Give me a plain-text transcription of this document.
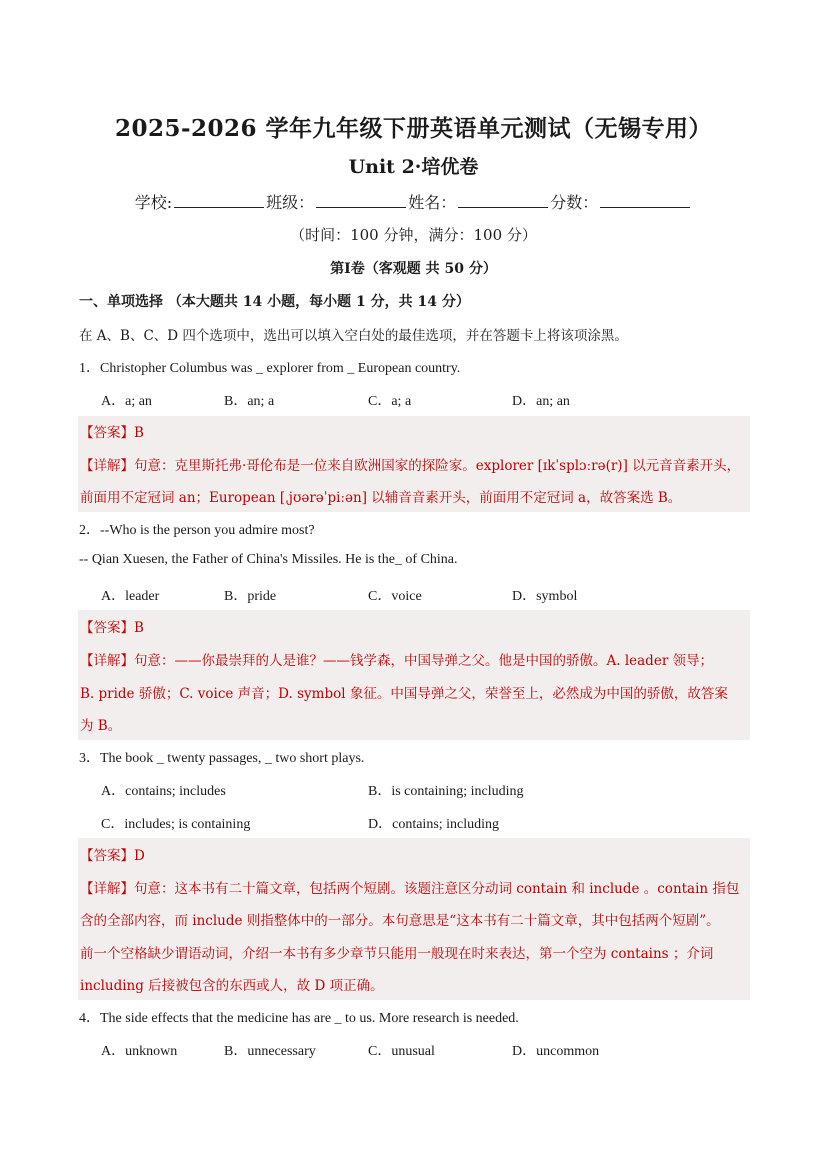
2025-2026 学年九年级下册英语单元测试（无锡专用）
Unit 2·培优卷
学校:	班级：	姓名：	分数：
（时间：100 分钟，满分：100 分）
第I卷（客观题 共 50 分）
一、单项选择 （本大题共 14 小题，每小题 1 分，共 14 分）
在 A、B、C、D 四个选项中，选出可以填入空白处的最佳选项，并在答题卡上将该项涂黑。
1．Christopher Columbus was _ explorer from _ European country.
A．a; an	B．an; a	C．a; a	D．an; an
【答案】B
【详解】句意：克里斯托弗·哥伦布是一位来自欧洲国家的探险家。explorer [ɪkˈsplɔːrə(r)] 以元音音素开头，
前面用不定冠词 an；European [ˌjʊərəˈpiːən] 以辅音音素开头，前面用不定冠词 a，故答案选 B。
2．--Who is the person you admire most?
-- Qian Xuesen, the Father of China's Missiles. He is the_ of China.
A．leader	B．pride	C．voice	D．symbol
【答案】B
【详解】句意：——你最崇拜的人是谁？——钱学森，中国导弹之父。他是中国的骄傲。A. leader 领导；
B. pride 骄傲；C. voice 声音；D. symbol 象征。中国导弹之父，荣誉至上，必然成为中国的骄傲，故答案
为 B。
3．The book _ twenty passages, _ two short plays.
A．contains; includes	B．is containing; including
C．includes; is containing	D．contains; including
【答案】D
【详解】句意：这本书有二十篇文章，包括两个短剧。该题注意区分动词 contain 和 include 。contain 指包
含的全部内容，而 include 则指整体中的一部分。本句意思是“这本书有二十篇文章，其中包括两个短剧”。
前一个空格缺少谓语动词，介绍一本书有多少章节只能用一般现在时来表达，第一个空为 contains ；介词
including 后接被包含的东西或人，故 D 项正确。
4．The side effects that the medicine has are _ to us. More research is needed.
A．unknown	B．unnecessary	C．unusual	D．uncommon
